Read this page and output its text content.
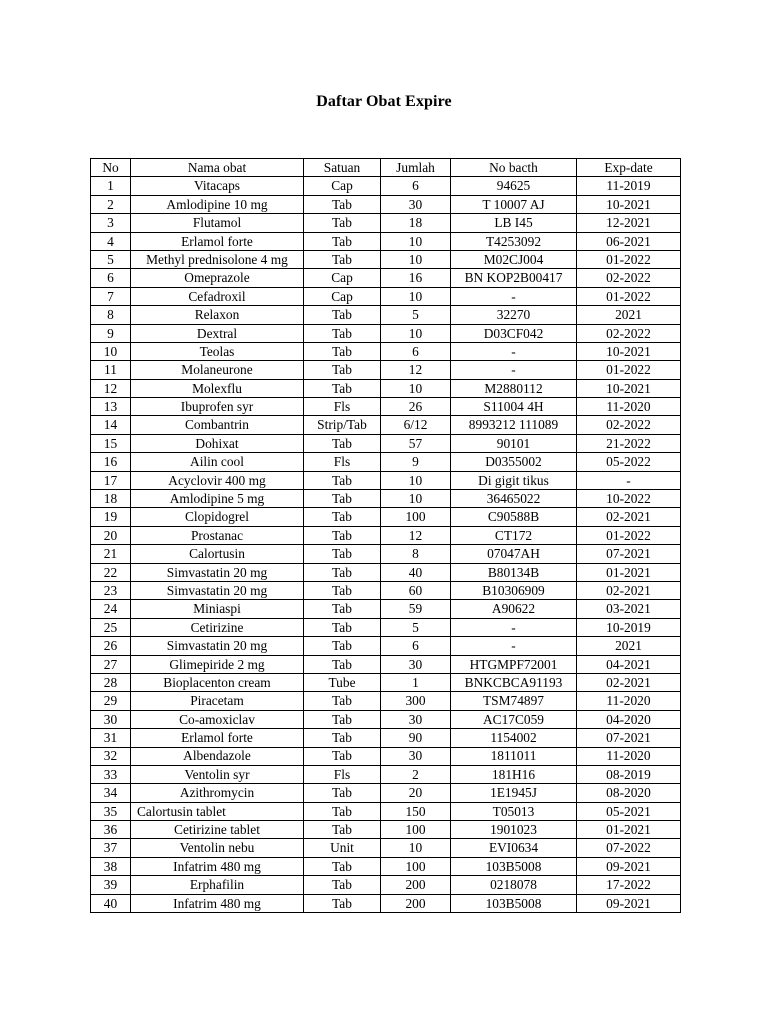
Daftar Obat Expire
No	Nama obat	Satuan	Jumlah	No bacth	Exp-date
1	Vitacaps	Cap	6	94625	11-2019
2	Amlodipine 10 mg	Tab	30	T 10007 AJ	10-2021
3	Flutamol	Tab	18	LB I45	12-2021
4	Erlamol forte	Tab	10	T4253092	06-2021
5	Methyl prednisolone 4 mg	Tab	10	M02CJ004	01-2022
6	Omeprazole	Cap	16	BN KOP2B00417	02-2022
7	Cefadroxil	Cap	10	-	01-2022
8	Relaxon	Tab	5	32270	2021
9	Dextral	Tab	10	D03CF042	02-2022
10	Teolas	Tab	6	-	10-2021
11	Molaneurone	Tab	12	-	01-2022
12	Molexflu	Tab	10	M2880112	10-2021
13	Ibuprofen syr	Fls	26	S11004 4H	11-2020
14	Combantrin	Strip/Tab	6/12	8993212 111089	02-2022
15	Dohixat	Tab	57	90101	21-2022
16	Ailin cool	Fls	9	D0355002	05-2022
17	Acyclovir 400 mg	Tab	10	Di gigit tikus	-
18	Amlodipine 5 mg	Tab	10	36465022	10-2022
19	Clopidogrel	Tab	100	C90588B	02-2021
20	Prostanac	Tab	12	CT172	01-2022
21	Calortusin	Tab	8	07047AH	07-2021
22	Simvastatin 20 mg	Tab	40	B80134B	01-2021
23	Simvastatin 20 mg	Tab	60	B10306909	02-2021
24	Miniaspi	Tab	59	A90622	03-2021
25	Cetirizine	Tab	5	-	10-2019
26	Simvastatin 20 mg	Tab	6	-	2021
27	Glimepiride 2 mg	Tab	30	HTGMPF72001	04-2021
28	Bioplacenton cream	Tube	1	BNKCBCA91193	02-2021
29	Piracetam	Tab	300	TSM74897	11-2020
30	Co-amoxiclav	Tab	30	AC17C059	04-2020
31	Erlamol forte	Tab	90	1154002	07-2021
32	Albendazole	Tab	30	1811011	11-2020
33	Ventolin syr	Fls	2	181H16	08-2019
34	Azithromycin	Tab	20	1E1945J	08-2020
35	Calortusin tablet	Tab	150	T05013	05-2021
36	Cetirizine tablet	Tab	100	1901023	01-2021
37	Ventolin nebu	Unit	10	EVI0634	07-2022
38	Infatrim 480 mg	Tab	100	103B5008	09-2021
39	Erphafilin	Tab	200	0218078	17-2022
40	Infatrim 480 mg	Tab	200	103B5008	09-2021
